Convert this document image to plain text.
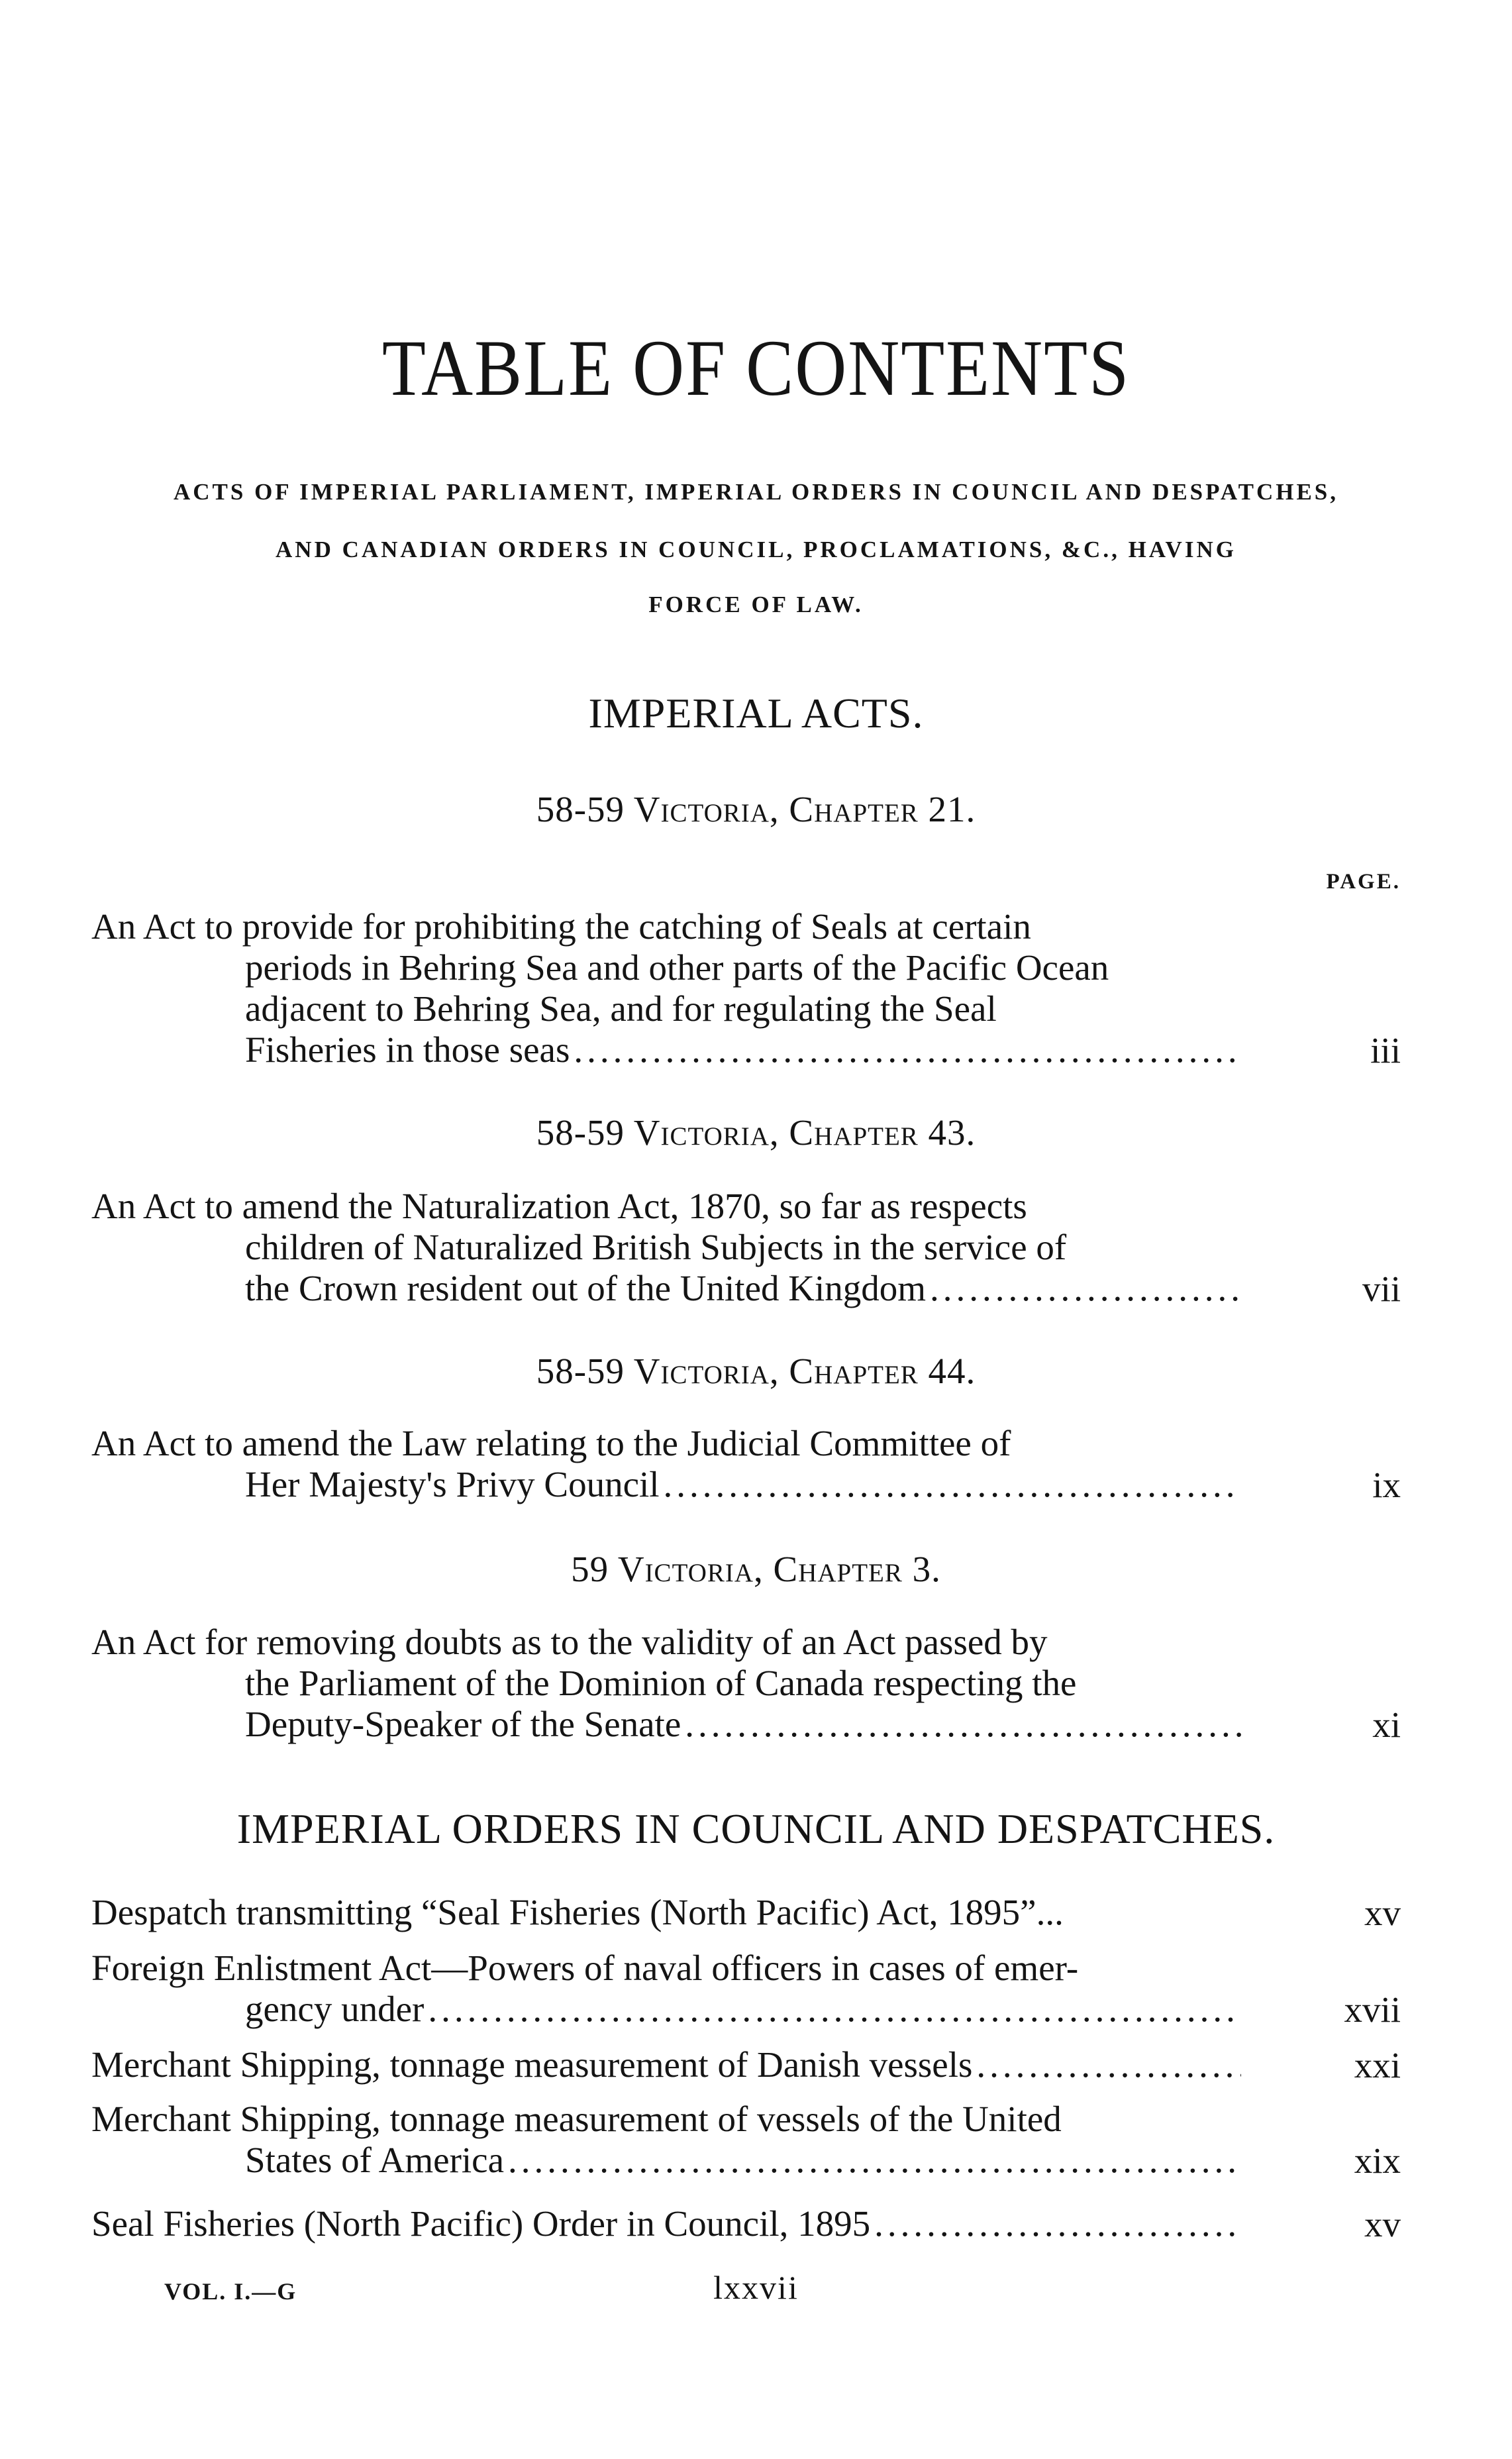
TABLE OF CONTENTS
ACTS OF IMPERIAL PARLIAMENT, IMPERIAL ORDERS IN COUNCIL AND DESPATCHES,
AND CANADIAN ORDERS IN COUNCIL, PROCLAMATIONS, &C., HAVING
FORCE OF LAW.
IMPERIAL ACTS.
PAGE.
58-59 Victoria, Chapter 21.
An Act to provide for prohibiting the catching of Seals at certain
periods in Behring Sea and other parts of the Pacific Ocean
adjacent to Behring Sea, and for regulating the Seal
Fisheries in those seas .....	iii
58-59 Victoria, Chapter 43.
An Act to amend the Naturalization Act, 1870, so far as respects
children of Naturalized British Subjects in the service of
the Crown resident out of the United Kingdom .....	vii
58-59 Victoria, Chapter 44.
An Act to amend the Law relating to the Judicial Committee of
Her Majesty's Privy Council .....	ix
59 Victoria, Chapter 3.
An Act for removing doubts as to the validity of an Act passed by
the Parliament of the Dominion of Canada respecting the
Deputy-Speaker of the Senate .....	xi
IMPERIAL ORDERS IN COUNCIL AND DESPATCHES.
Despatch transmitting “Seal Fisheries (North Pacific) Act, 1895”...	xv
Foreign Enlistment Act—Powers of naval officers in cases of emer-
gency under .....	xvii
Merchant Shipping, tonnage measurement of Danish vessels .....	xxi
Merchant Shipping, tonnage measurement of vessels of the United
States of America .....	xix
Seal Fisheries (North Pacific) Order in Council, 1895 .....	xv
VOL. I.—G	lxxvii
